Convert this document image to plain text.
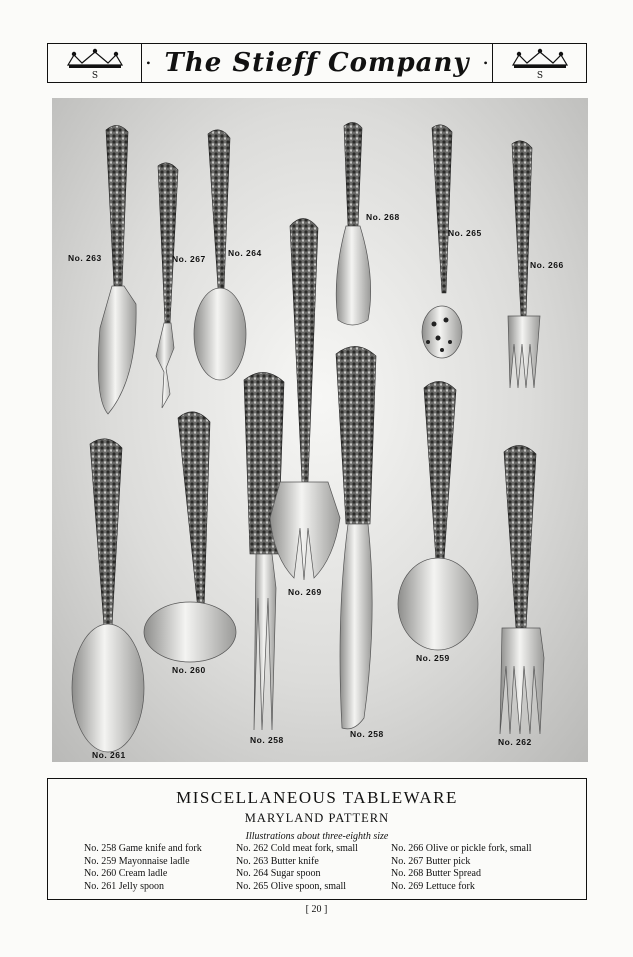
S
• The Stieff Company •
S
No. 263	No. 267
No. 264
No. 268
No. 265
No. 266
No. 269
No. 261
No. 260
No. 258
No. 258
No. 259
No. 262
MISCELLANEOUS TABLEWARE
MARYLAND PATTERN
Illustrations about three-eighth size
No. 258 Game knife and fork
No. 259 Mayonnaise ladle
No. 260 Cream ladle
No. 261 Jelly spoon
No. 262 Cold meat fork, small
No. 263 Butter knife
No. 264 Sugar spoon
No. 265 Olive spoon, small
No. 266 Olive or pickle fork, small
No. 267 Butter pick
No. 268 Butter Spread
No. 269 Lettuce fork
[ 20 ]
